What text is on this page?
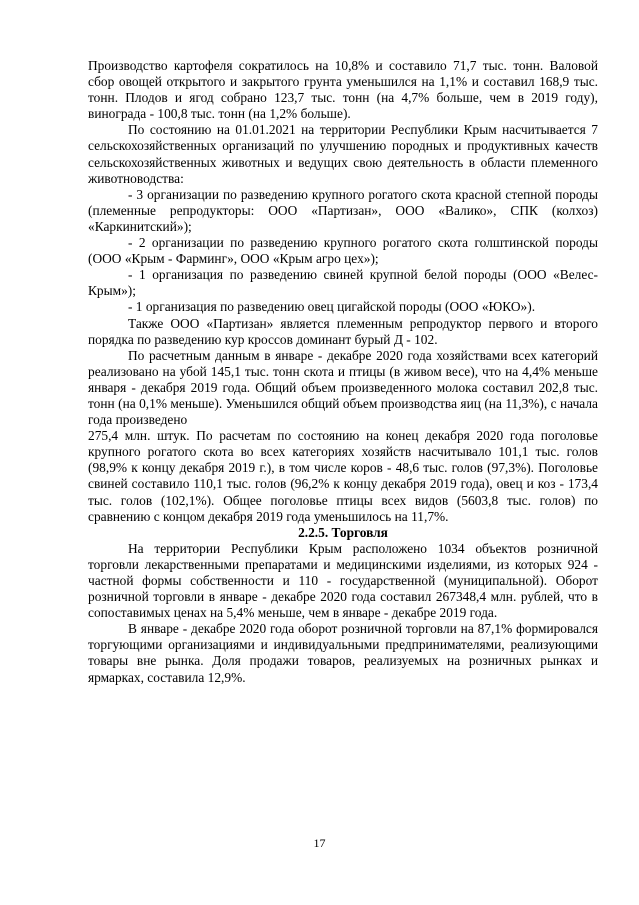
Производство картофеля сократилось на 10,8% и составило 71,7 тыс. тонн. Валовой сбор овощей открытого и закрытого грунта уменьшился на 1,1% и составил 168,9 тыс. тонн. Плодов и ягод собрано 123,7 тыс. тонн (на 4,7% больше, чем в 2019 году), винограда - 100,8 тыс. тонн (на 1,2% больше).

По состоянию на 01.01.2021 на территории Республики Крым насчитывается 7 сельскохозяйственных организаций по улучшению породных и продуктивных качеств сельскохозяйственных животных и ведущих свою деятельность в области племенного животноводства:

- 3 организации по разведению крупного рогатого скота красной степной породы (племенные репродукторы: ООО «Партизан», ООО «Валико», СПК (колхоз) «Каркинитский»);

- 2 организации по разведению крупного рогатого скота голштинской породы (ООО «Крым - Фарминг», ООО «Крым агро цех»);

- 1 организация по разведению свиней крупной белой породы (ООО «Велес-Крым»);

- 1 организация по разведению овец цигайской породы (ООО «ЮКО»).

Также ООО «Партизан» является племенным репродуктор первого и второго порядка по разведению кур кроссов доминант бурый Д - 102.

По расчетным данным в январе - декабре 2020 года хозяйствами всех категорий реализовано на убой 145,1 тыс. тонн скота и птицы (в живом весе), что на 4,4% меньше января - декабря 2019 года. Общий объем произведенного молока составил 202,8 тыс. тонн (на 0,1% меньше). Уменьшился общий объем производства яиц (на 11,3%), с начала года произведено

275,4 млн. штук. По расчетам по состоянию на конец декабря 2020 года поголовье крупного рогатого скота во всех категориях хозяйств насчитывало 101,1 тыс. голов (98,9% к концу декабря 2019 г.), в том числе коров - 48,6 тыс. голов (97,3%). Поголовье свиней составило 110,1 тыс. голов (96,2% к концу декабря 2019 года), овец и коз - 173,4 тыс. голов (102,1%). Общее поголовье птицы всех видов (5603,8 тыс. голов) по сравнению с концом декабря 2019 года уменьшилось на 11,7%.

2.2.5. Торговля

На территории Республики Крым расположено 1034 объектов розничной торговли лекарственными препаратами и медицинскими изделиями, из которых 924 - частной формы собственности и 110 - государственной (муниципальной). Оборот розничной торговли в январе - декабре 2020 года составил 267348,4 млн. рублей, что в сопоставимых ценах на 5,4% меньше, чем в январе - декабре 2019 года.

В январе - декабре 2020 года оборот розничной торговли на 87,1% формировался торгующими организациями и индивидуальными предпринимателями, реализующими товары вне рынка. Доля продажи товаров, реализуемых на розничных рынках и ярмарках, составила 12,9%.

17
